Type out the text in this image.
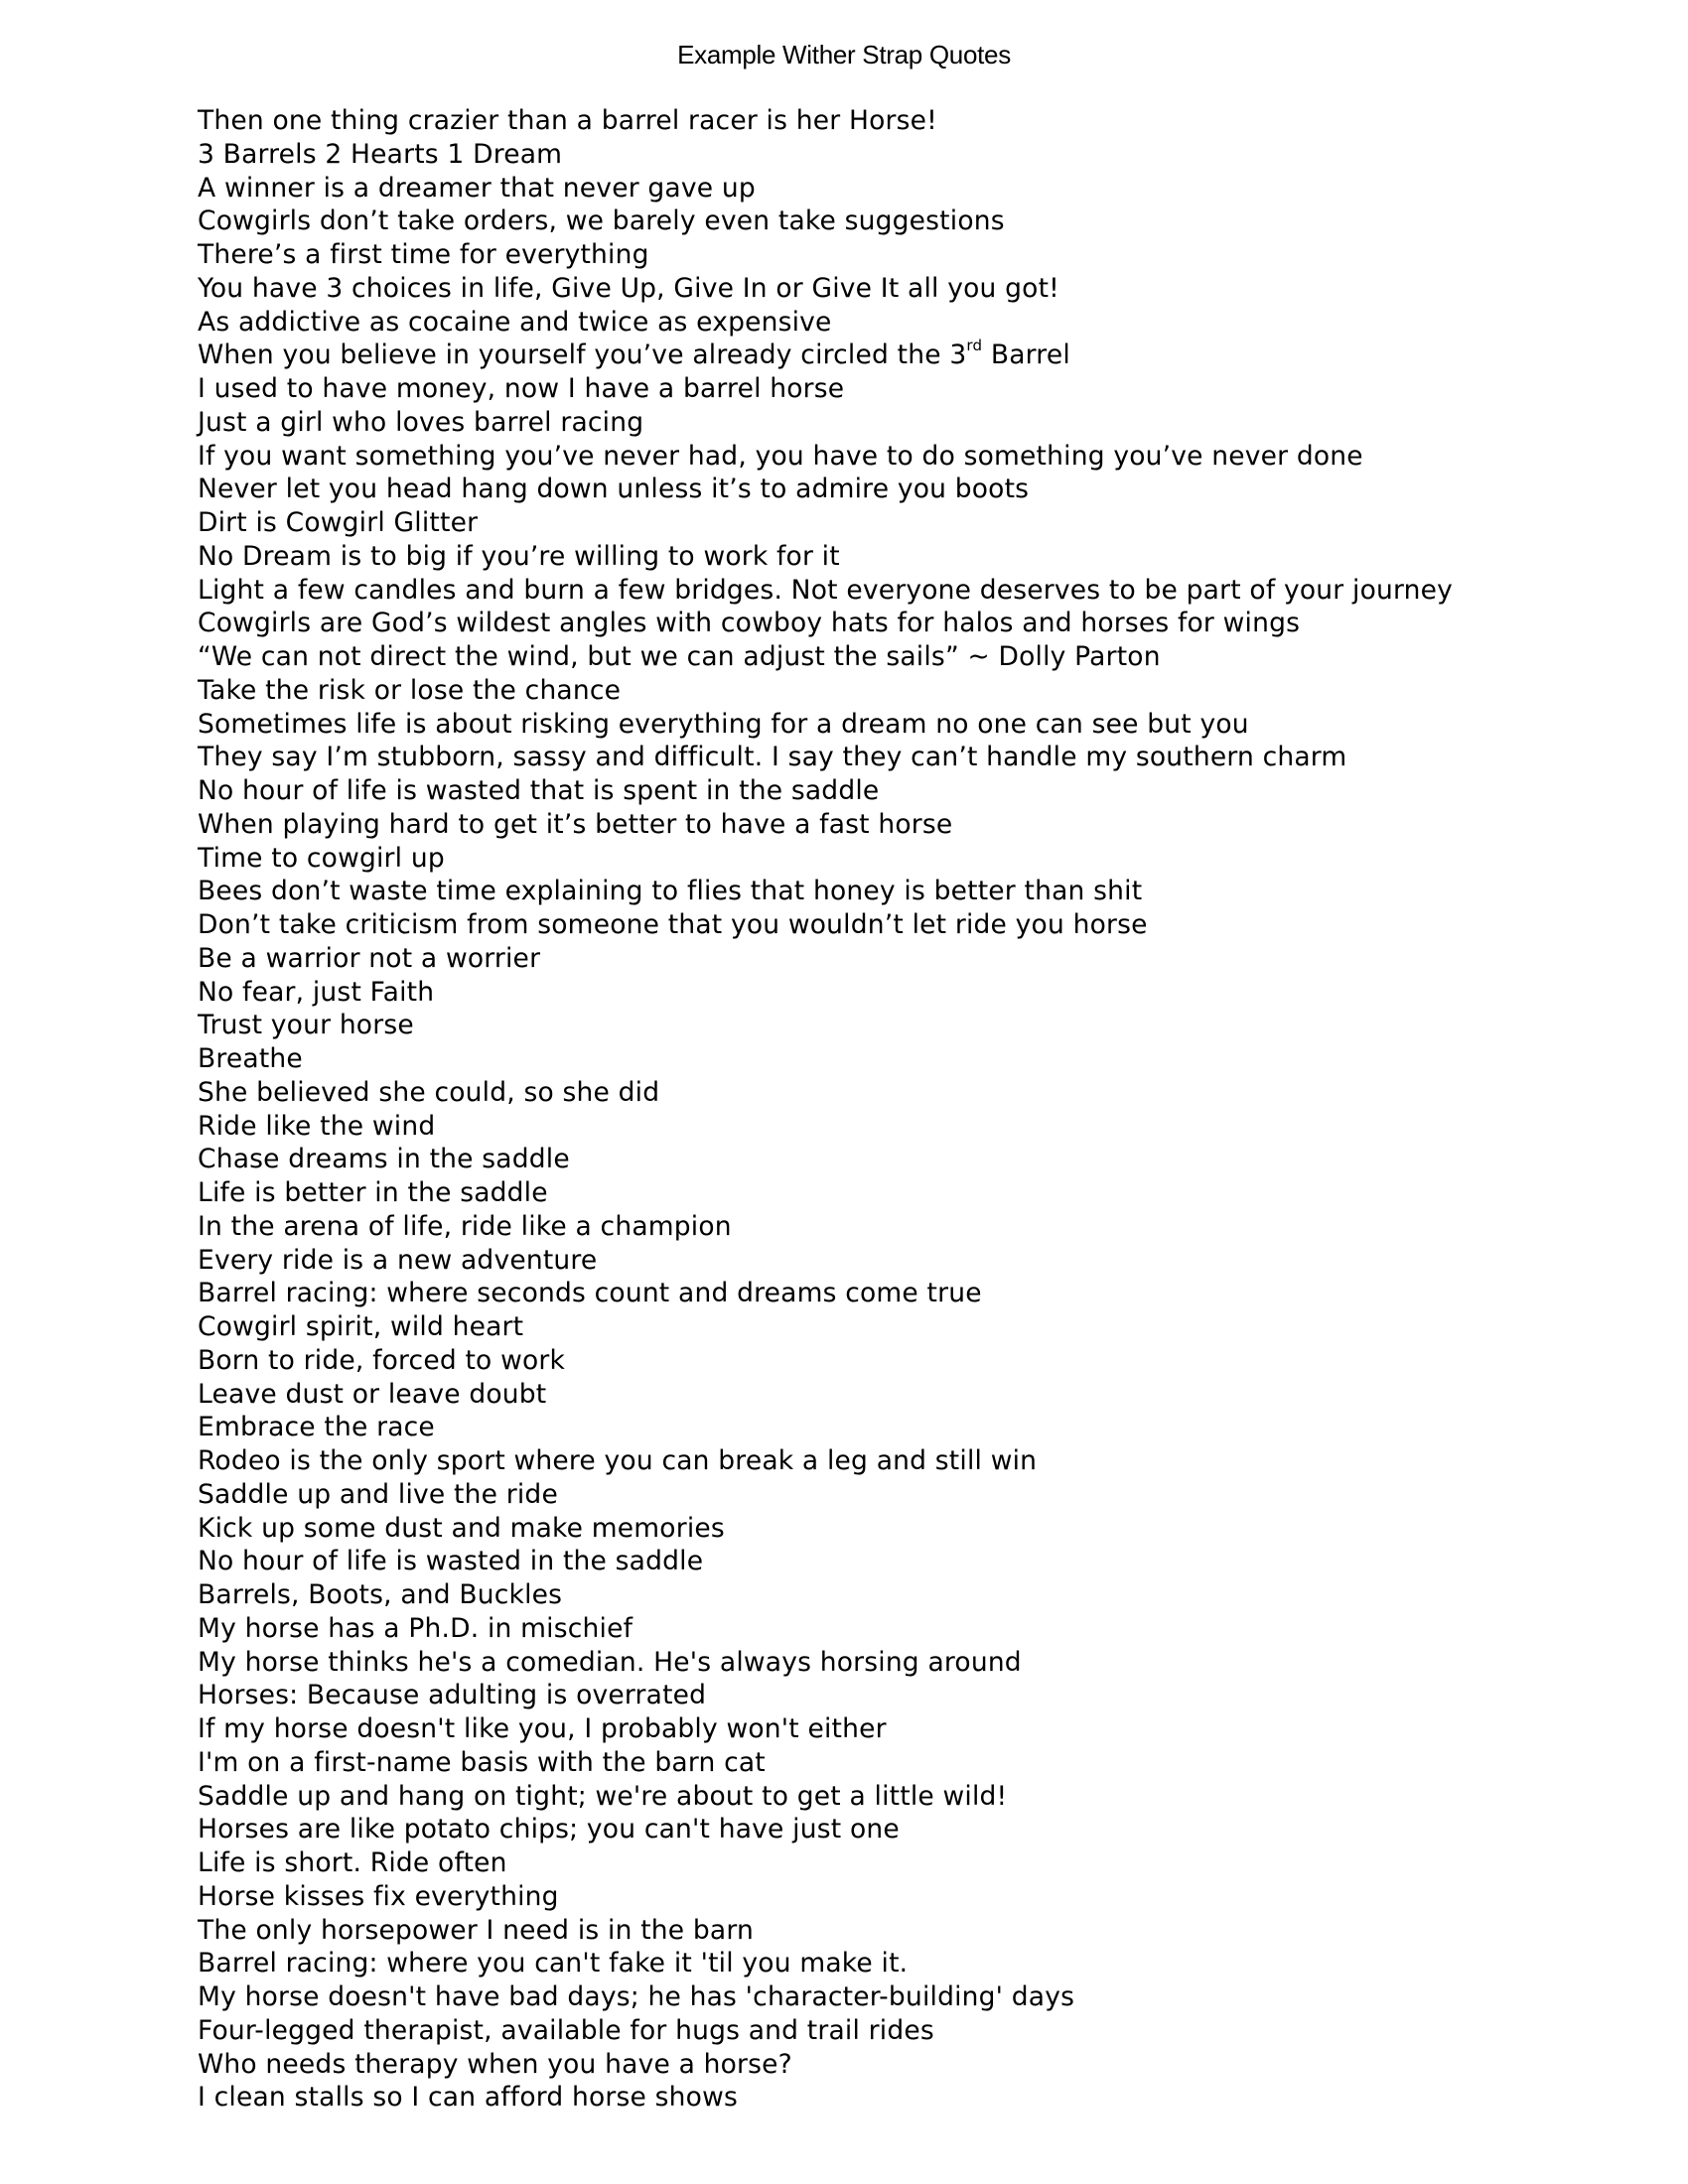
Example Wither Strap Quotes
Then one thing crazier than a barrel racer is her Horse!
3 Barrels 2 Hearts 1 Dream
A winner is a dreamer that never gave up
Cowgirls don’t take orders, we barely even take suggestions
There’s a first time for everything
You have 3 choices in life, Give Up, Give In or Give It all you got!
As addictive as cocaine and twice as expensive
When you believe in yourself you’ve already circled the 3rd Barrel
I used to have money, now I have a barrel horse
Just a girl who loves barrel racing
If you want something you’ve never had, you have to do something you’ve never done
Never let you head hang down unless it’s to admire you boots
Dirt is Cowgirl Glitter
No Dream is to big if you’re willing to work for it
Light a few candles and burn a few bridges. Not everyone deserves to be part of your journey
Cowgirls are God’s wildest angles with cowboy hats for halos and horses for wings
“We can not direct the wind, but we can adjust the sails” ~ Dolly Parton
Take the risk or lose the chance
Sometimes life is about risking everything for a dream no one can see but you
They say I’m stubborn, sassy and difficult. I say they can’t handle my southern charm
No hour of life is wasted that is spent in the saddle
When playing hard to get it’s better to have a fast horse
Time to cowgirl up
Bees don’t waste time explaining to flies that honey is better than shit
Don’t take criticism from someone that you wouldn’t let ride you horse
Be a warrior not a worrier
No fear, just Faith
Trust your horse
Breathe
She believed she could, so she did
Ride like the wind
Chase dreams in the saddle
Life is better in the saddle
In the arena of life, ride like a champion
Every ride is a new adventure
Barrel racing: where seconds count and dreams come true
Cowgirl spirit, wild heart
Born to ride, forced to work
Leave dust or leave doubt
Embrace the race
Rodeo is the only sport where you can break a leg and still win
Saddle up and live the ride
Kick up some dust and make memories
No hour of life is wasted in the saddle
Barrels, Boots, and Buckles
My horse has a Ph.D. in mischief
My horse thinks he's a comedian. He's always horsing around
Horses: Because adulting is overrated
If my horse doesn't like you, I probably won't either
I'm on a first-name basis with the barn cat
Saddle up and hang on tight; we're about to get a little wild!
Horses are like potato chips; you can't have just one
Life is short. Ride often
Horse kisses fix everything
The only horsepower I need is in the barn
Barrel racing: where you can't fake it 'til you make it.
My horse doesn't have bad days; he has 'character-building' days
Four-legged therapist, available for hugs and trail rides
Who needs therapy when you have a horse?
I clean stalls so I can afford horse shows
